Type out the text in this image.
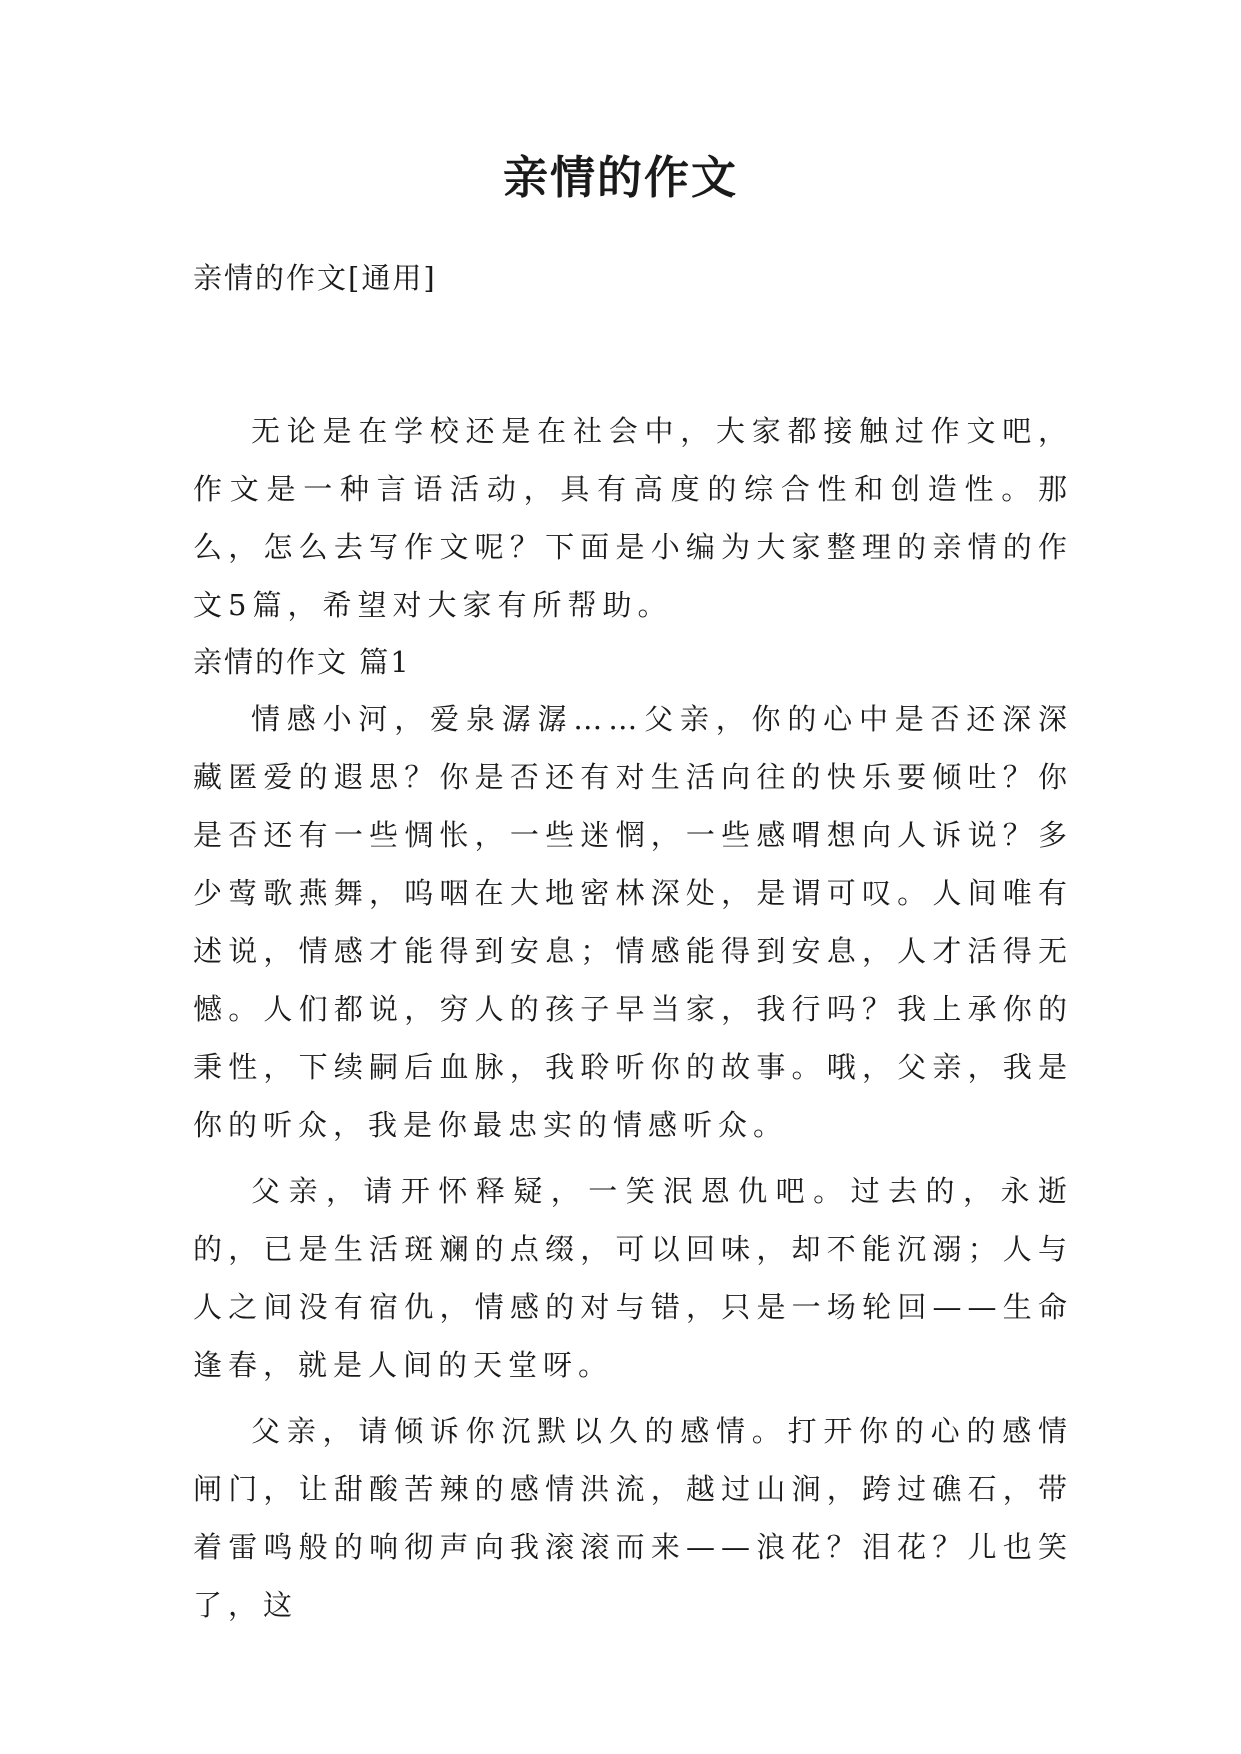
亲情的作文
亲情的作文[通用]

无论是在学校还是在社会中，大家都接触过作文吧，作文是一种言语活动，具有高度的综合性和创造性。那么，怎么去写作文呢？下面是小编为大家整理的亲情的作文5篇，希望对大家有所帮助。

亲情的作文 篇1

情感小河，爱泉潺潺……父亲，你的心中是否还深深藏匿爱的遐思？你是否还有对生活向往的快乐要倾吐？你是否还有一些惆怅，一些迷惘，一些感喟想向人诉说？多少莺歌燕舞，呜咽在大地密林深处，是谓可叹。人间唯有述说，情感才能得到安息；情感能得到安息，人才活得无憾。人们都说，穷人的孩子早当家，我行吗？我上承你的秉性，下续嗣后血脉，我聆听你的故事。哦，父亲，我是你的听众，我是你最忠实的情感听众。

父亲，请开怀释疑，一笑泯恩仇吧。过去的，永逝的，已是生活斑斓的点缀，可以回味，却不能沉溺；人与人之间没有宿仇，情感的对与错，只是一场轮回——生命逢春，就是人间的天堂呀。

父亲，请倾诉你沉默以久的感情。打开你的心的感情闸门，让甜酸苦辣的感情洪流，越过山涧，跨过礁石，带着雷鸣般的响彻声向我滚滚而来——浪花？泪花？儿也笑了，这
